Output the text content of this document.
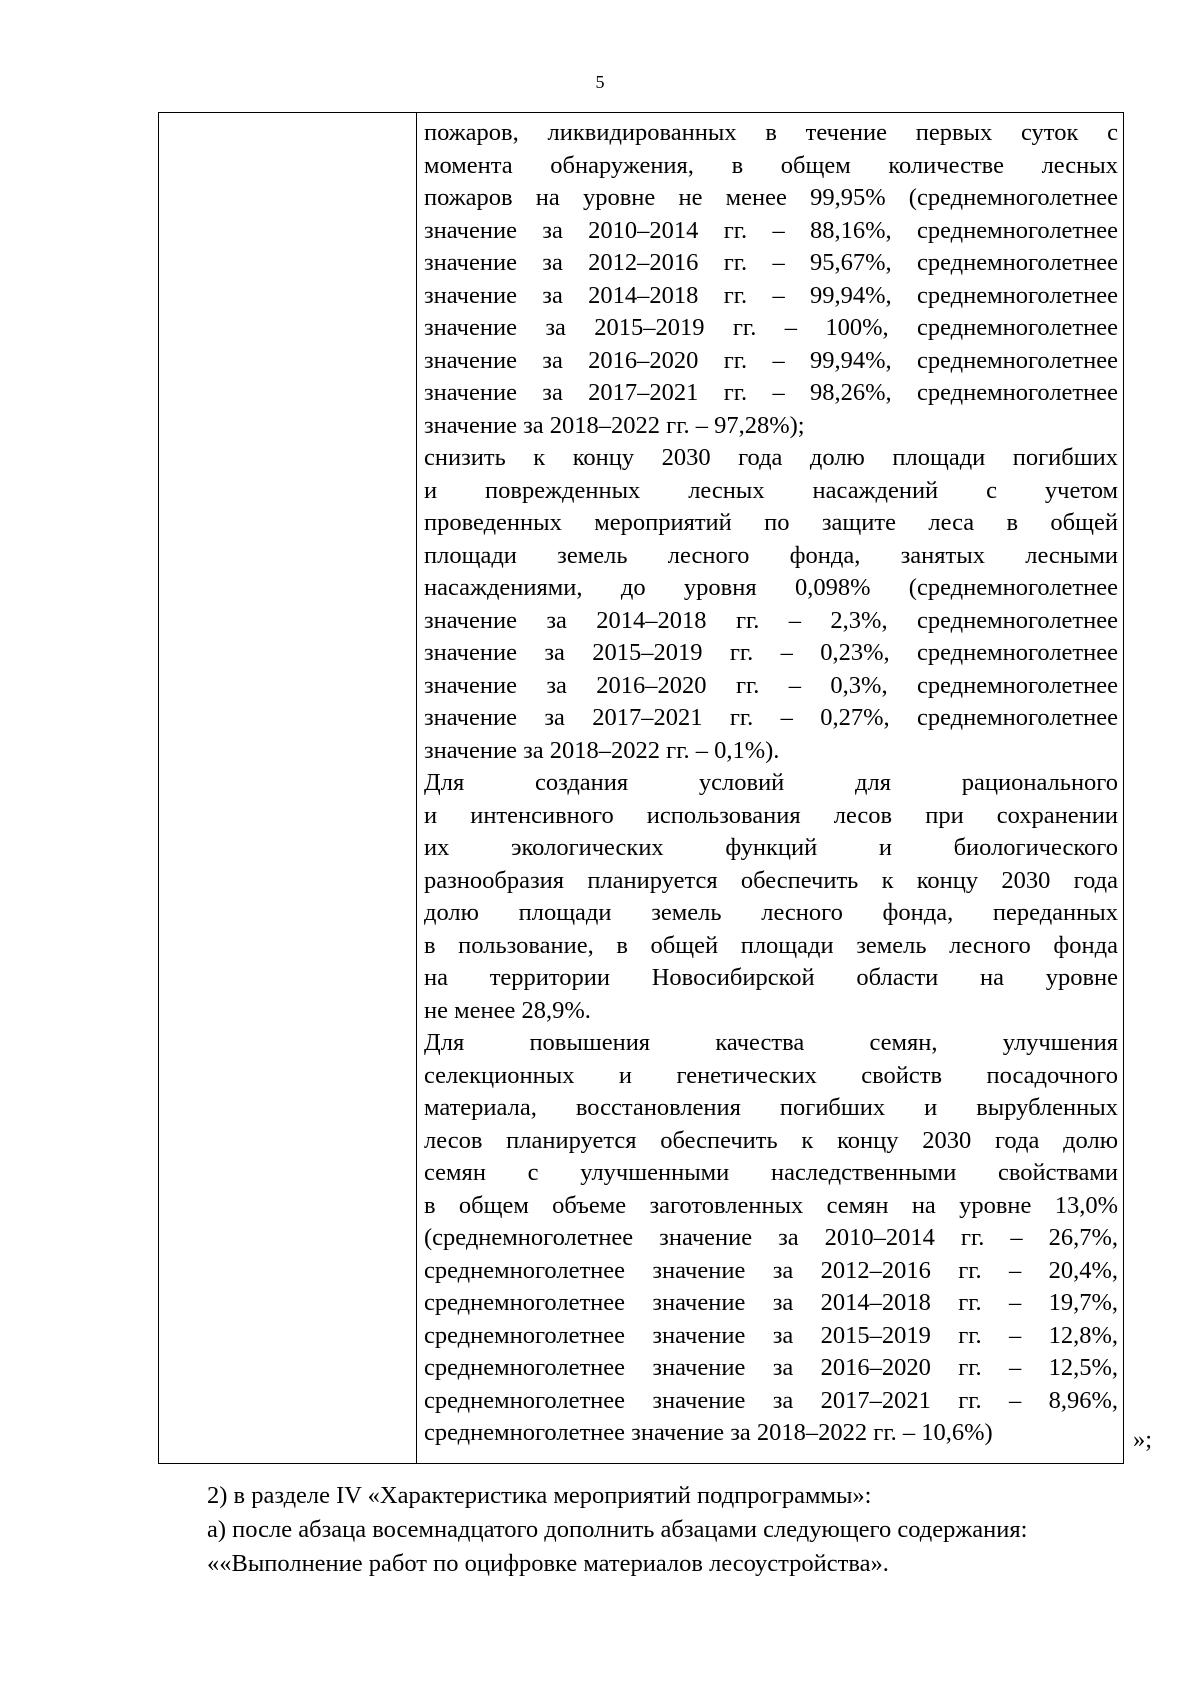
5
пожаров, ликвидированных в течение первых суток с
момента обнаружения, в общем количестве лесных
пожаров на уровне не менее 99,95% (среднемноголетнее
значение за 2010–2014 гг. – 88,16%, среднемноголетнее
значение за 2012–2016 гг. – 95,67%, среднемноголетнее
значение за 2014–2018 гг. – 99,94%, среднемноголетнее
значение за 2015–2019 гг. – 100%, среднемноголетнее
значение за 2016–2020 гг. – 99,94%, среднемноголетнее
значение за 2017–2021 гг. – 98,26%, среднемноголетнее
значение за 2018–2022 гг. – 97,28%);
снизить к концу 2030 года долю площади погибших
и поврежденных лесных насаждений с учетом
проведенных мероприятий по защите леса в общей
площади земель лесного фонда, занятых лесными
насаждениями, до уровня 0,098% (среднемноголетнее
значение за 2014–2018 гг. – 2,3%, среднемноголетнее
значение за 2015–2019 гг. – 0,23%, среднемноголетнее
значение за 2016–2020 гг. – 0,3%, среднемноголетнее
значение за 2017–2021 гг. – 0,27%, среднемноголетнее
значение за 2018–2022 гг. – 0,1%).
Для создания условий для рационального
и интенсивного использования лесов при сохранении
их экологических функций и биологического
разнообразия планируется обеспечить к концу 2030 года
долю площади земель лесного фонда, переданных
в пользование, в общей площади земель лесного фонда
на территории Новосибирской области на уровне
не менее 28,9%.
Для повышения качества семян, улучшения
селекционных и генетических свойств посадочного
материала, восстановления погибших и вырубленных
лесов планируется обеспечить к концу 2030 года долю
семян с улучшенными наследственными свойствами
в общем объеме заготовленных семян на уровне 13,0%
(среднемноголетнее значение за 2010–2014 гг. – 26,7%,
среднемноголетнее значение за 2012–2016 гг. – 20,4%,
среднемноголетнее значение за 2014–2018 гг. – 19,7%,
среднемноголетнее значение за 2015–2019 гг. – 12,8%,
среднемноголетнее значение за 2016–2020 гг. – 12,5%,
среднемноголетнее значение за 2017–2021 гг. – 8,96%,
среднемноголетнее значение за 2018–2022 гг. – 10,6%)	»;
2) в разделе IV «Характеристика мероприятий подпрограммы»:
а) после абзаца восемнадцатого дополнить абзацами следующего содержания:
««Выполнение работ по оцифровке материалов лесоустройства».
